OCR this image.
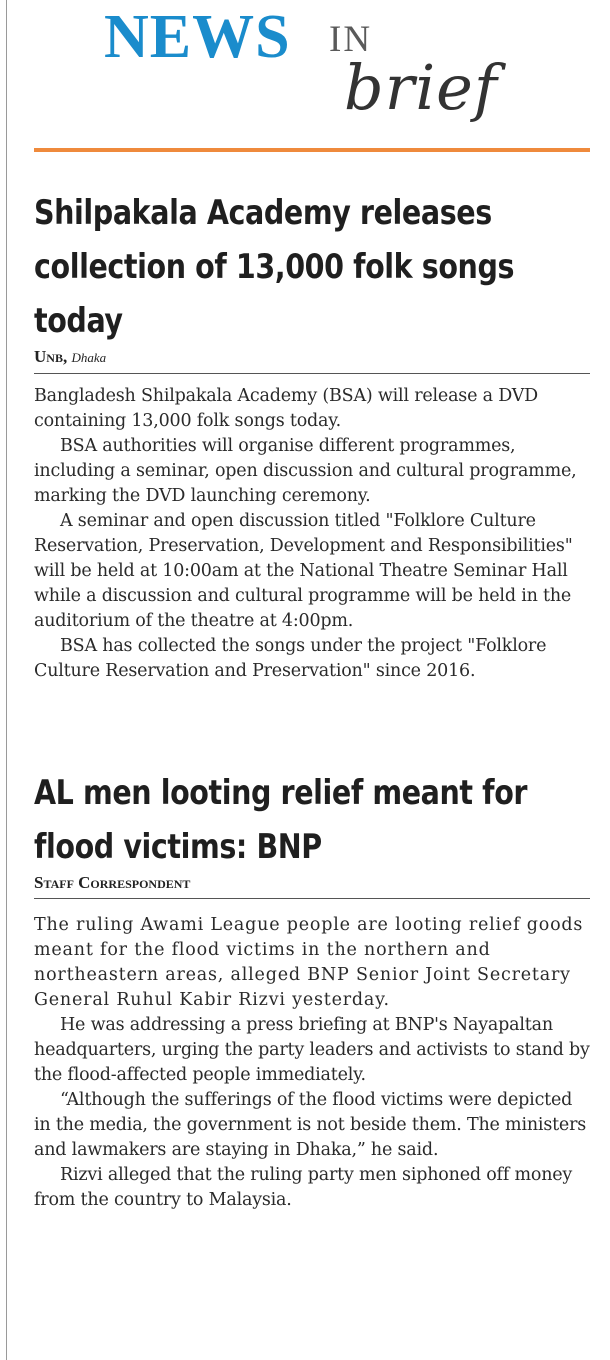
NEWS IN
brief
Shilpakala Academy releases
collection of 13,000 folk songs today
Unb, Dhaka

Bangladesh Shilpakala Academy (BSA) will release a DVD containing 13,000 folk songs today.

BSA authorities will organise different programmes, including a seminar, open discussion and cultural programme, marking the DVD launching ceremony.

A seminar and open discussion titled "Folklore Culture Reservation, Preservation, Development and Responsibilities" will be held at 10:00am at the National Theatre Seminar Hall while a discussion and cultural programme will be held in the auditorium of the theatre at 4:00pm.

BSA has collected the songs under the project "Folklore Culture Reservation and Preservation" since 2016.

AL men looting relief meant for
flood victims: BNP
Staff Correspondent

The ruling Awami League people are looting relief goods meant for the flood victims in the northern and northeastern areas, alleged BNP Senior Joint Secretary General Ruhul Kabir Rizvi yesterday.

He was addressing a press briefing at BNP's Nayapaltan headquarters, urging the party leaders and activists to stand by the flood-affected people immediately.

“Although the sufferings of the flood victims were depicted in the media, the government is not beside them. The ministers and lawmakers are staying in Dhaka,” he said.

Rizvi alleged that the ruling party men siphoned off money from the country to Malaysia.
